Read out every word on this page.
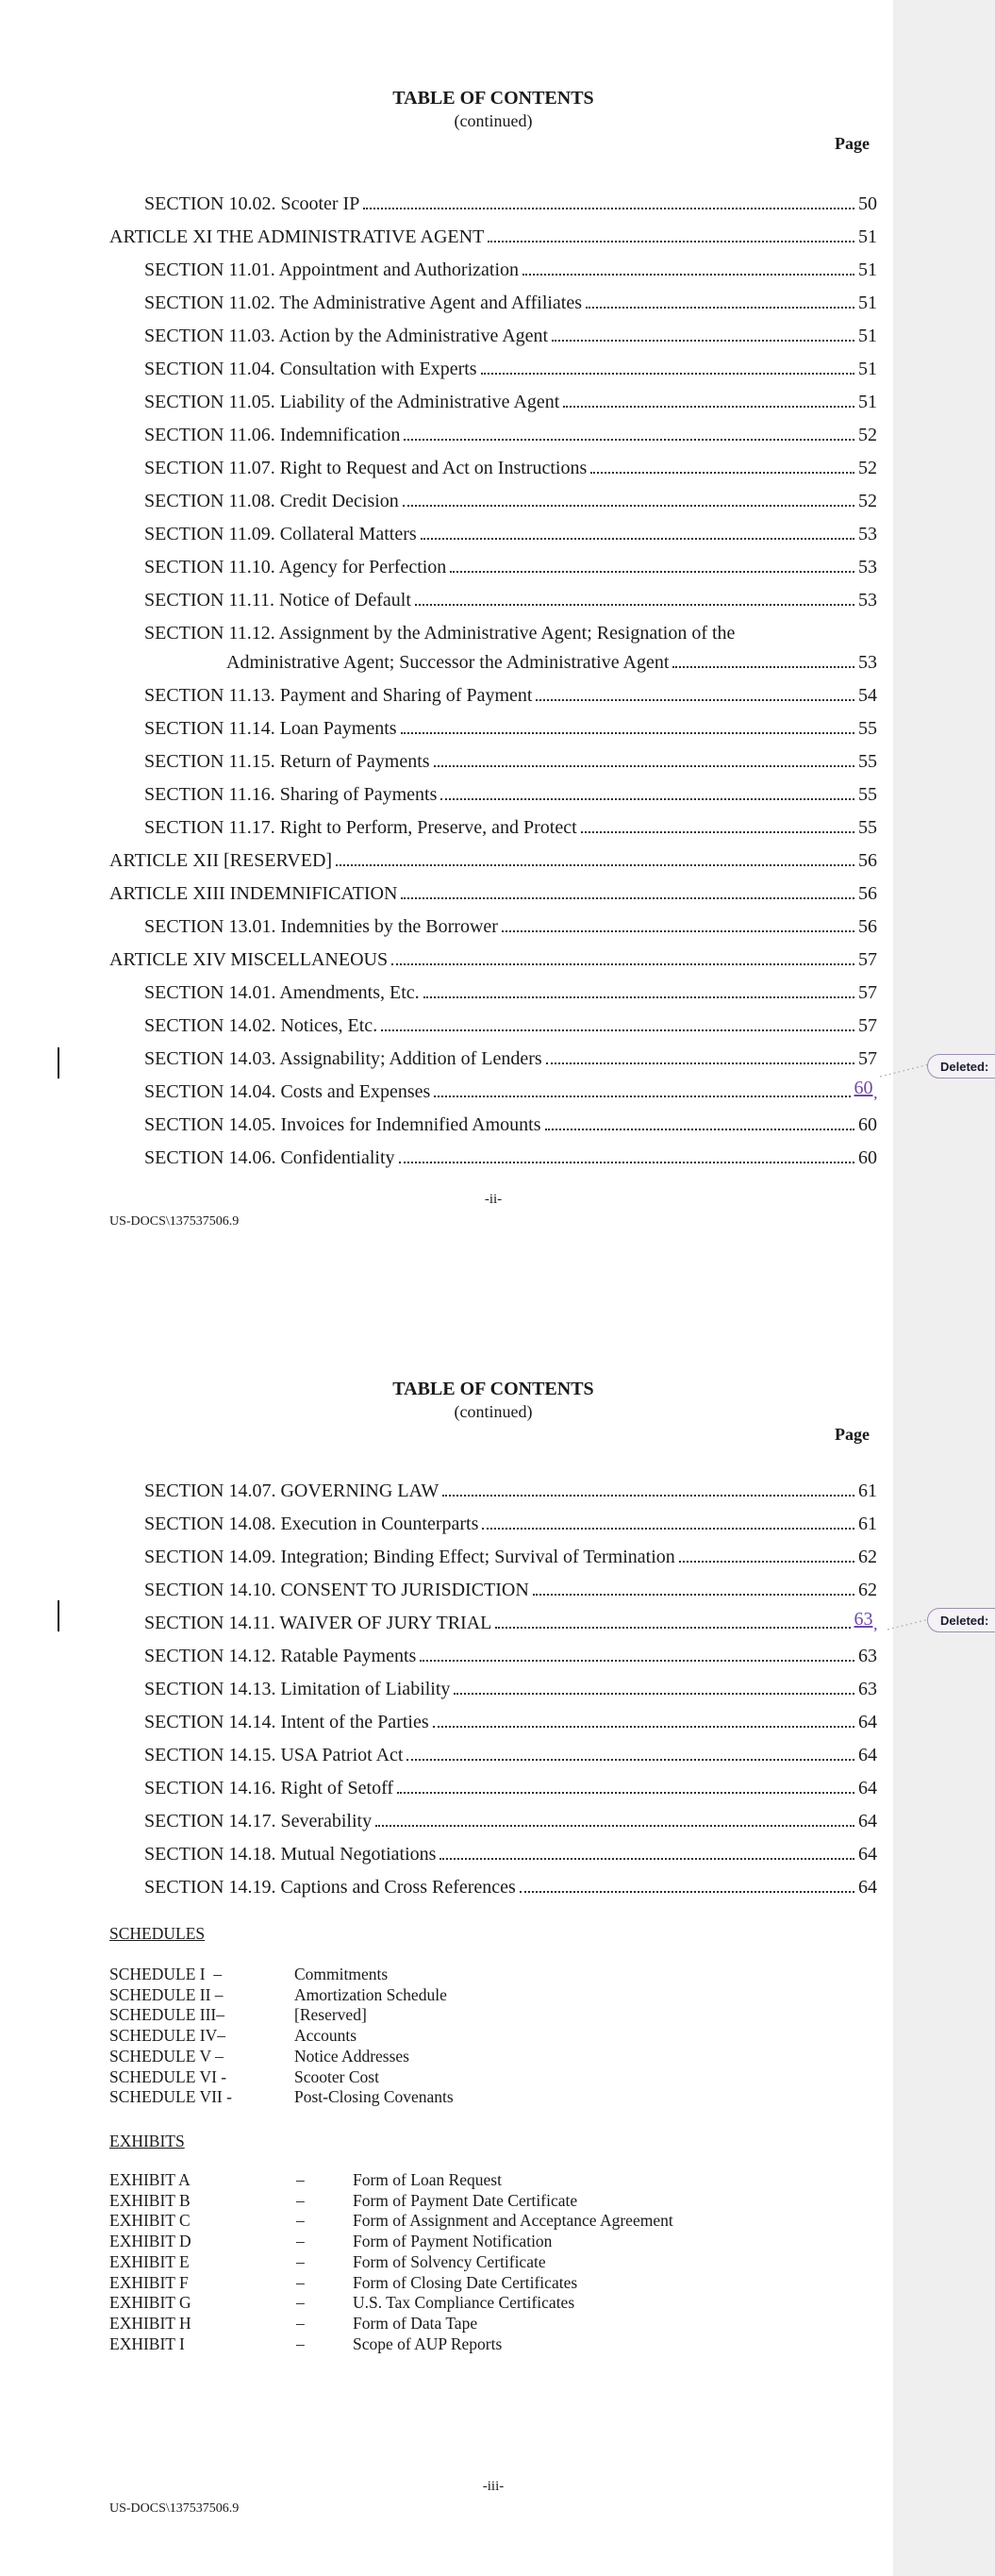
TABLE OF CONTENTS
(continued)
Page
SECTION 10.02. Scooter IP	50
ARTICLE XI THE ADMINISTRATIVE AGENT	51
SECTION 11.01. Appointment and Authorization	51
SECTION 11.02. The Administrative Agent and Affiliates	51
SECTION 11.03. Action by the Administrative Agent	51
SECTION 11.04. Consultation with Experts	51
SECTION 11.05. Liability of the Administrative Agent	51
SECTION 11.06. Indemnification	52
SECTION 11.07. Right to Request and Act on Instructions	52
SECTION 11.08. Credit Decision	52
SECTION 11.09. Collateral Matters	53
SECTION 11.10. Agency for Perfection	53
SECTION 11.11. Notice of Default	53
SECTION 11.12. Assignment by the Administrative Agent; Resignation of the
Administrative Agent; Successor the Administrative Agent	53
SECTION 11.13. Payment and Sharing of Payment	54
SECTION 11.14. Loan Payments	55
SECTION 11.15. Return of Payments	55
SECTION 11.16. Sharing of Payments	55
SECTION 11.17. Right to Perform, Preserve, and Protect	55
ARTICLE XII [RESERVED]	56
ARTICLE XIII INDEMNIFICATION	56
SECTION 13.01. Indemnities by the Borrower	56
ARTICLE XIV MISCELLANEOUS	57
SECTION 14.01. Amendments, Etc.	57
SECTION 14.02. Notices, Etc.	57
SECTION 14.03. Assignability; Addition of Lenders	57
SECTION 14.04. Costs and Expenses	$60_,$
SECTION 14.05. Invoices for Indemnified Amounts	60
SECTION 14.06. Confidentiality	60
-ii-
US-DOCS\137537506.9
TABLE OF CONTENTS
(continued)
Page
SECTION 14.07. GOVERNING LAW	61
SECTION 14.08. Execution in Counterparts	61
SECTION 14.09. Integration; Binding Effect; Survival of Termination	62
SECTION 14.10. CONSENT TO JURISDICTION	62
SECTION 14.11. WAIVER OF JURY TRIAL	$63_,$
SECTION 14.12. Ratable Payments	63
SECTION 14.13. Limitation of Liability	63
SECTION 14.14. Intent of the Parties	64
SECTION 14.15. USA Patriot Act	64
SECTION 14.16. Right of Setoff	64
SECTION 14.17. Severability	64
SECTION 14.18. Mutual Negotiations	64
SECTION 14.19. Captions and Cross References	64
SCHEDULES
SCHEDULE I  –	Commitments
SCHEDULE II –	Amortization Schedule
SCHEDULE III–	[Reserved]
SCHEDULE IV–	Accounts
SCHEDULE V –	Notice Addresses
SCHEDULE VI -	Scooter Cost
SCHEDULE VII -	Post-Closing Covenants
EXHIBITS
EXHIBIT A	–	Form of Loan Request
EXHIBIT B	–	Form of Payment Date Certificate
EXHIBIT C	–	Form of Assignment and Acceptance Agreement
EXHIBIT D	–	Form of Payment Notification
EXHIBIT E	–	Form of Solvency Certificate
EXHIBIT F	–	Form of Closing Date Certificates
EXHIBIT G	–	U.S. Tax Compliance Certificates
EXHIBIT H	–	Form of Data Tape
EXHIBIT I	–	Scope of AUP Reports
-iii-
US-DOCS\137537506.9
Deleted:
Deleted:
